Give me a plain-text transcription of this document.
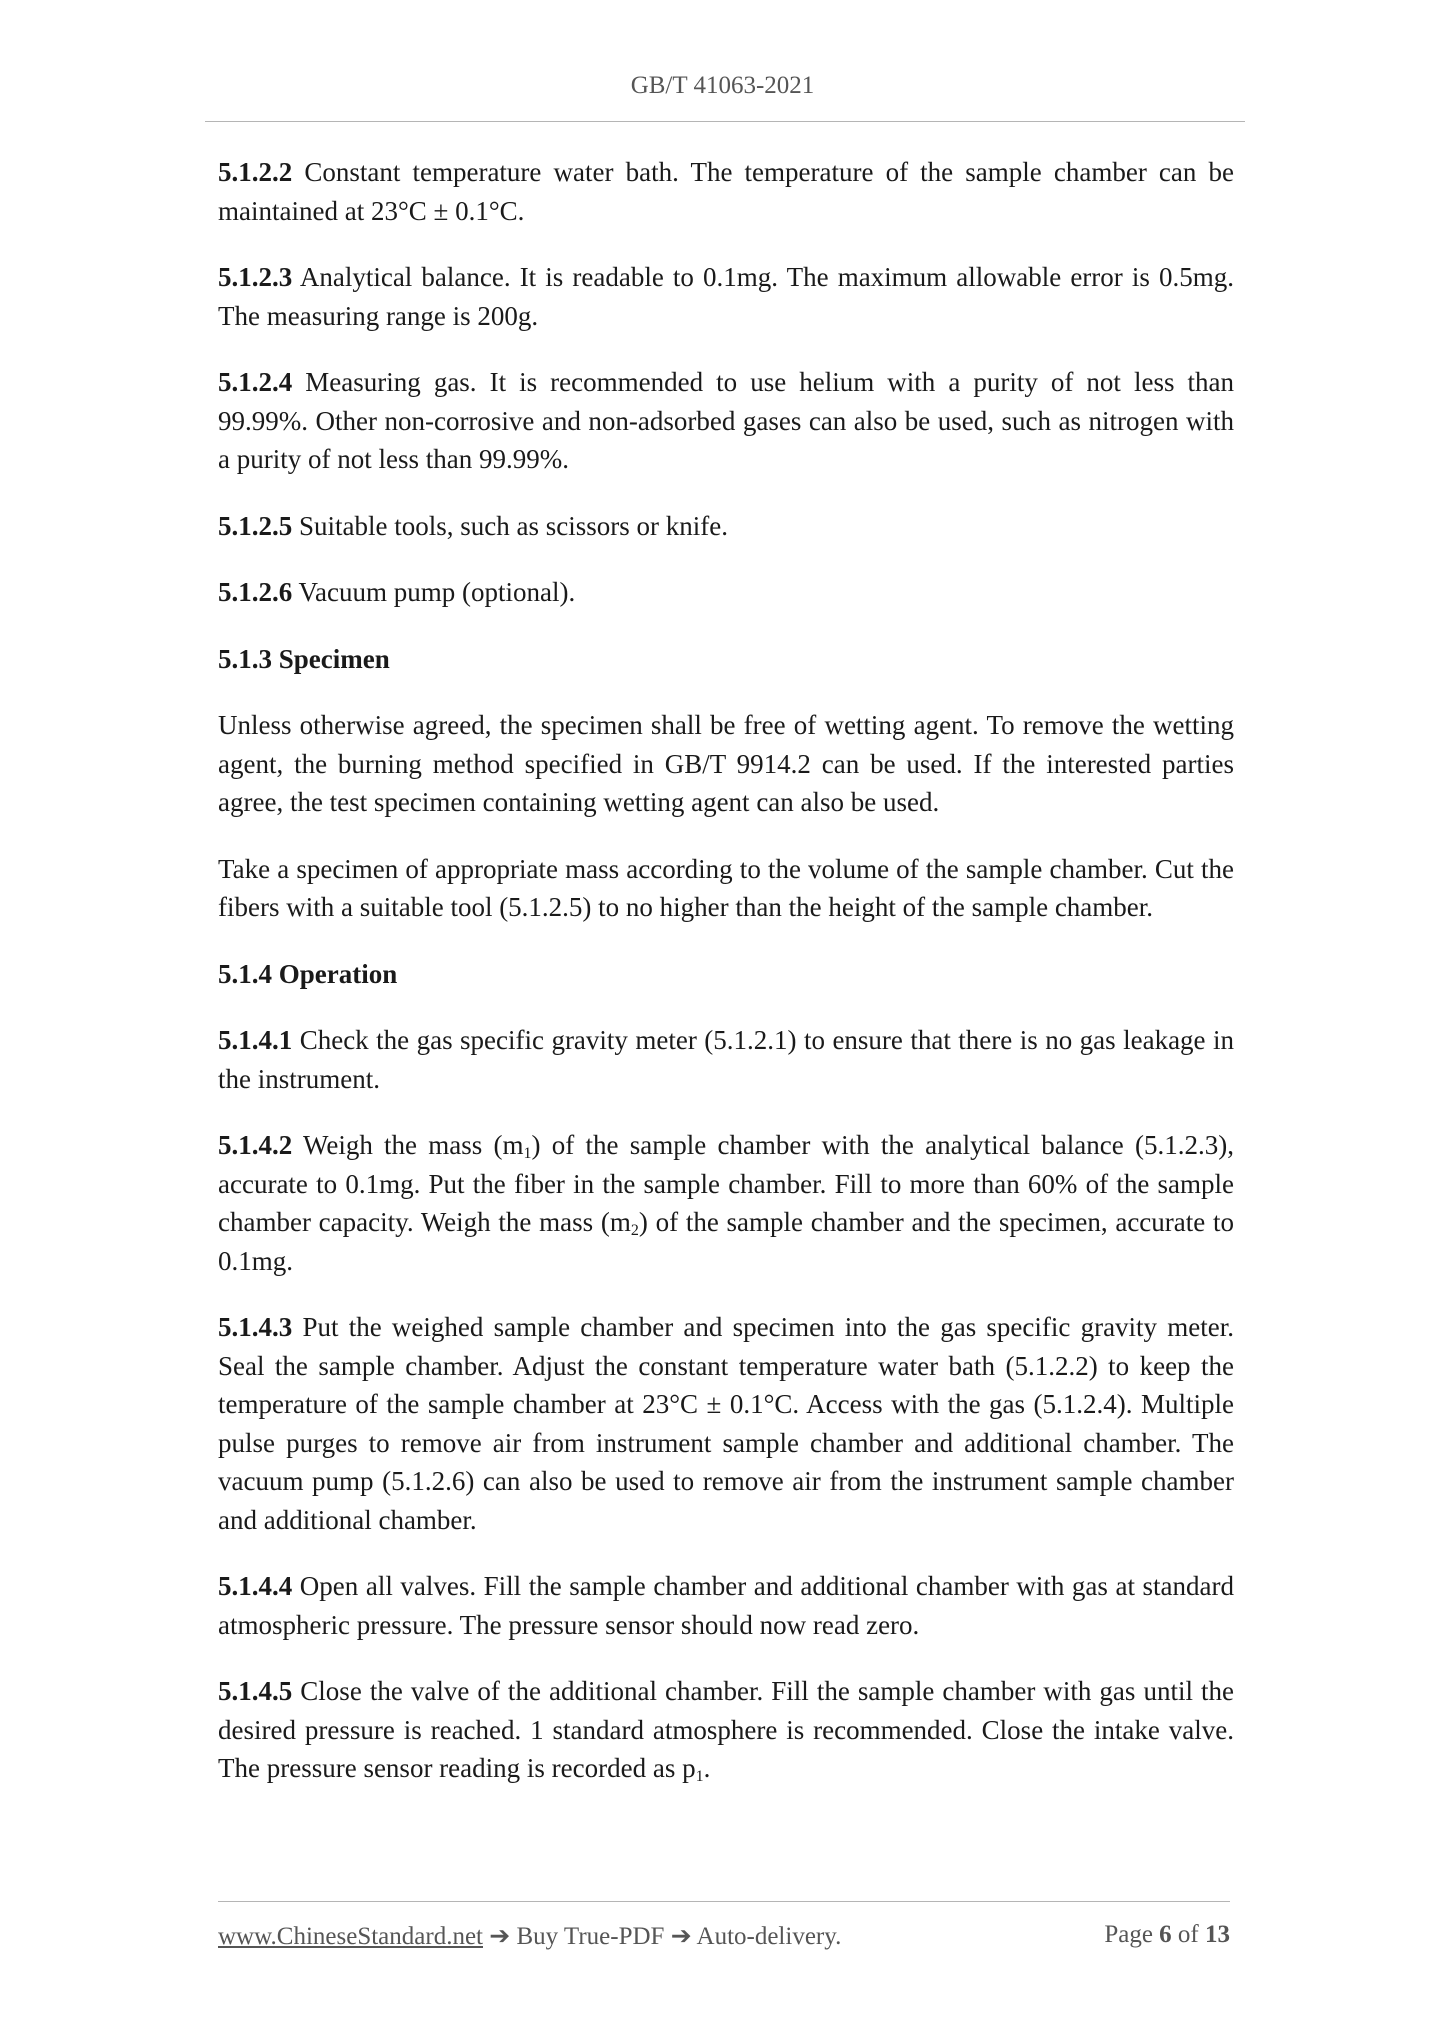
GB/T 41063-2021

5.1.2.2 Constant temperature water bath. The temperature of the sample chamber can be maintained at 23°C ± 0.1°C.

5.1.2.3 Analytical balance. It is readable to 0.1mg. The maximum allowable error is 0.5mg. The measuring range is 200g.

5.1.2.4 Measuring gas. It is recommended to use helium with a purity of not less than 99.99%. Other non-corrosive and non-adsorbed gases can also be used, such as nitrogen with a purity of not less than 99.99%.

5.1.2.5 Suitable tools, such as scissors or knife.

5.1.2.6 Vacuum pump (optional).

5.1.3 Specimen

Unless otherwise agreed, the specimen shall be free of wetting agent. To remove the wetting agent, the burning method specified in GB/T 9914.2 can be used. If the interested parties agree, the test specimen containing wetting agent can also be used.

Take a specimen of appropriate mass according to the volume of the sample chamber. Cut the fibers with a suitable tool (5.1.2.5) to no higher than the height of the sample chamber.

5.1.4 Operation

5.1.4.1 Check the gas specific gravity meter (5.1.2.1) to ensure that there is no gas leakage in the instrument.

5.1.4.2 Weigh the mass $(m_1)$ of the sample chamber with the analytical balance (5.1.2.3), accurate to 0.1mg. Put the fiber in the sample chamber. Fill to more than 60% of the sample chamber capacity. Weigh the mass $(m_2)$ of the sample chamber and the specimen, accurate to 0.1mg.

5.1.4.3 Put the weighed sample chamber and specimen into the gas specific gravity meter. Seal the sample chamber. Adjust the constant temperature water bath (5.1.2.2) to keep the temperature of the sample chamber at 23°C ± 0.1°C. Access with the gas (5.1.2.4). Multiple pulse purges to remove air from instrument sample chamber and additional chamber. The vacuum pump (5.1.2.6) can also be used to remove air from the instrument sample chamber and additional chamber.

5.1.4.4 Open all valves. Fill the sample chamber and additional chamber with gas at standard atmospheric pressure. The pressure sensor should now read zero.

5.1.4.5 Close the valve of the additional chamber. Fill the sample chamber with gas until the desired pressure is reached. 1 standard atmosphere is recommended. Close the intake valve. The pressure sensor reading is recorded as $p_1$.

www.ChineseStandard.net ➔ Buy True-PDF ➔ Auto-delivery.	Page 6 of 13
